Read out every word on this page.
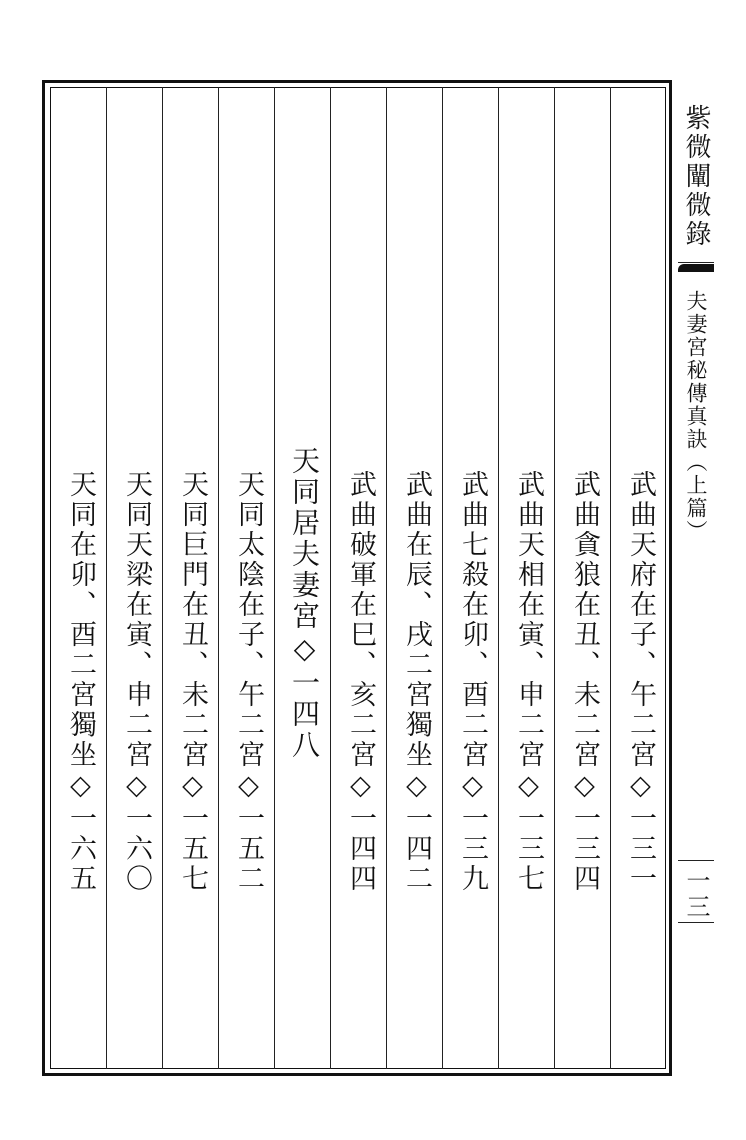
紫微闡微錄
夫妻宮秘傳真訣（上篇）
一三
武曲天府在子、午二宮◇一三一
武曲貪狼在丑、未二宮◇一三四
武曲天相在寅、申二宮◇一三七
武曲七殺在卯、酉二宮◇一三九
武曲在辰、戌二宮獨坐◇一四二
武曲破軍在巳、亥二宮◇一四四
天同居夫妻宮◇一四八
天同太陰在子、午二宮◇一五二
天同巨門在丑、未二宮◇一五七
天同天梁在寅、申二宮◇一六〇
天同在卯、酉二宮獨坐◇一六五
